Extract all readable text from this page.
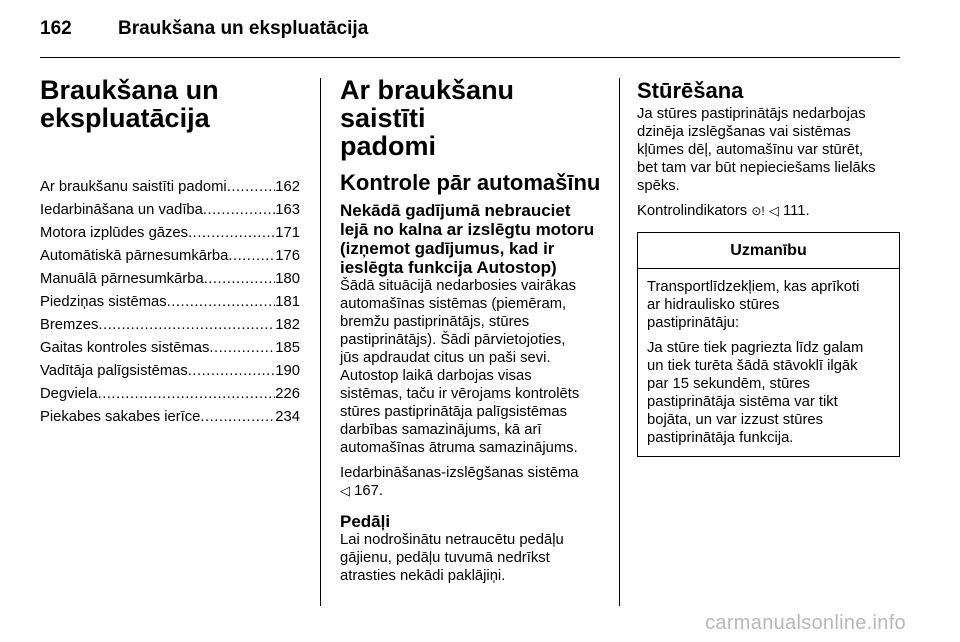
162 Braukšana un ekspluatācija
Braukšana un
ekspluatācija
Ar braukšanu saistīti padomi .....	162
Iedarbināšana un vadība .....	163
Motora izplūdes gāzes .....	171
Automātiskā pārnesumkārba .....	176
Manuālā pārnesumkārba .....	180
Piedziņas sistēmas .....	181
Bremzes .....	182
Gaitas kontroles sistēmas .....	185
Vadītāja palīgsistēmas .....	190
Degviela .....	226
Piekabes sakabes ierīce .....	234
Ar braukšanu saistīti
padomi
Kontrole pār automašīnu
Nekādā gadījumā nebrauciet
lejā no kalna ar izslēgtu motoru
(izņemot gadījumus, kad ir
ieslēgta funkcija Autostop)
Šādā situācijā nedarbosies vairākas
automašīnas sistēmas (piemēram,
bremžu pastiprinātājs, stūres
pastiprinātājs). Šādi pārvietojoties,
jūs apdraudat citus un paši sevi.
Autostop laikā darbojas visas
sistēmas, taču ir vērojams kontrolēts
stūres pastiprinātāja palīgsistēmas
darbības samazinājums, kā arī
automašīnas ātruma samazinājums.
Iedarbināšanas-izslēgšanas sistēma
◁ 167.
Pedāļi
Lai nodrošinātu netraucētu pedāļu
gājienu, pedāļu tuvumā nedrīkst
atrasties nekādi paklājiņi.
Stūrēšana
Ja stūres pastiprinātājs nedarbojas
dzinēja izslēgšanas vai sistēmas
kļūmes dēļ, automašīnu var stūrēt,
bet tam var būt nepieciešams lielāks
spēks.
Kontrolindikators ⊙! ◁ 111.
Uzmanību
Transportlīdzekļiem, kas aprīkoti
ar hidraulisko stūres
pastiprinātāju:
Ja stūre tiek pagriezta līdz galam
un tiek turēta šādā stāvoklī ilgāk
par 15 sekundēm, stūres
pastiprinātāja sistēma var tikt
bojāta, un var izzust stūres
pastiprinātāja funkcija.
carmanualsonline.info
